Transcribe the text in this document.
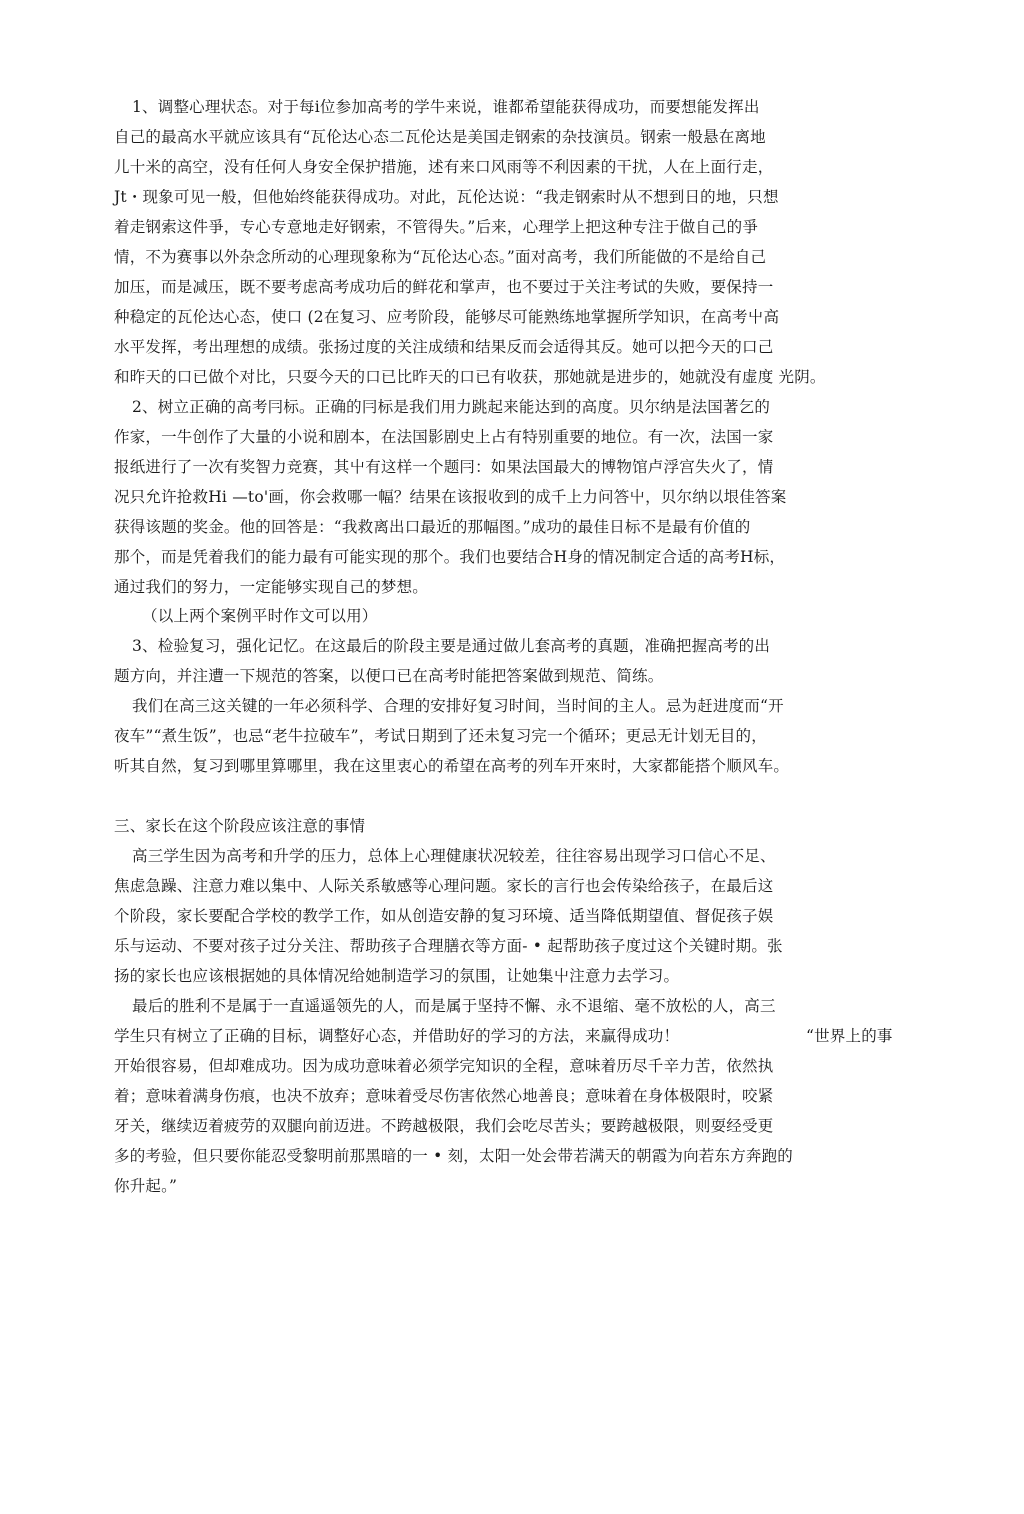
1、调整心理状态。对于每i位参加高考的学牛来说，谁都希望能获得成功，而要想能发挥出
自己的最高水平就应该具有“瓦伦达心态二瓦伦达是美国走钢索的杂技演员。钢索一般悬在离地
儿十米的高空，没有任何人身安全保护措施，述有来口风雨等不利因素的干扰，人在上面行走，
Jt・现象可见一般，但他始终能获得成功。对此，瓦伦达说：“我走钢索时从不想到日的地，只想
着走钢索这件爭，专心专意地走好钢索，不管得失。”后来，心理学上把这种专注于做自己的爭
情，不为赛事以外杂念所动的心理现象称为“瓦伦达心态。”面对高考，我们所能做的不是给自己
加压，而是减压，既不要考虑高考成功后的鲜花和掌声，也不要过于关注考试的失败，要保持一
种稳定的瓦伦达心态，使口 (2在复习、应考阶段，能够尽可能熟练地掌握所学知识，在高考屮高
水平发挥，考出理想的成绩。张扬过度的关注成绩和结果反而会适得其反。她可以把今天的口己
和昨天的口已做个对比，只耍今天的口已比昨天的口已有收获，那她就是进步的，她就没有虚度 光阴。
2、树立正确的高考冃标。正确的冃标是我们用力跳起来能达到的高度。贝尔纳是法国著乞的
作家，一牛创作了大量的小说和剧本，在法国影剧史上占有特别重要的地位。有一次，法国一家
报纸进行了一次有奖智力竞赛，其屮有这样一个题冃：如果法国最大的博物馆卢浮宫失火了，情
况只允许抢救Hi —to'画，你会救哪一幅？结果在该报收到的成千上力问答屮，贝尔纳以垠佳答案
获得该题的奖金。他的回答是：“我救离出口最近的那幅图。”成功的最佳日标不是最有价值的
那个，而是凭着我们的能力最有可能实现的那个。我们也要结合H身的情况制定合适的高考H标，
通过我们的努力，一定能够实现自己的梦想。
（以上两个案例平时作文可以用）
3、检验复习，强化记忆。在这最后的阶段主要是通过做儿套高考的真题，准确把握高考的出
题方向，并注遭一下规范的答案，以便口已在高考时能把答案做到规范、简练。
我们在高三这关键的一年必须科学、合理的安排好复习时间，当时间的主人。忌为赶进度而“开
夜车”“煮生饭”，也忌“老牛拉破车”，考试日期到了还未复习完一个循环；更忌无计划无目的，
听其自然，复习到哪里算哪里，我在这里衷心的希望在高考的列车开來时，大家都能搭个顺风车。
三、家长在这个阶段应该注意的事情
高三学生因为高考和升学的压力，总体上心理健康状况较差，往往容易出现学习口信心不足、
焦虑急躁、注意力难以集中、人际关系敏感等心理问题。家长的言行也会传染给孩子，在最后这
个阶段，家长要配合学校的教学工作，如从创造安静的复习环境、适当降低期望值、督促孩子娱
乐与运动、不要对孩子过分关注、帮助孩子合理膳衣等方面- • 起帮助孩子度过这个关键时期。张
扬的家长也应该根据她的具体情况给她制造学习的氛围，让她集屮注意力去学习。
最后的胜利不是属于一直遥遥领先的人，而是属于坚持不懈、永不退缩、毫不放松的人，高三
学生只有树立了正确的目标，调整好心态，并借助好的学习的方法，来赢得成功！	“世界上的事
开始很容易，但却难成功。因为成功意味着必须学完知识的全程，意味着历尽千辛力苦，依然执
着；意味着满身伤痕，也决不放弃；意味着受尽伤害依然心地善良；意味着在身体极限时，咬紧
牙关，继续迈着疲劳的双腿向前迈进。不跨越极限，我们会吃尽苦头；要跨越极限，则耍经受更
多的考验，但只要你能忍受黎明前那黑暗的一 • 刻，太阳一处会带若满天的朝霞为向若东方奔跑的
你升起。”
